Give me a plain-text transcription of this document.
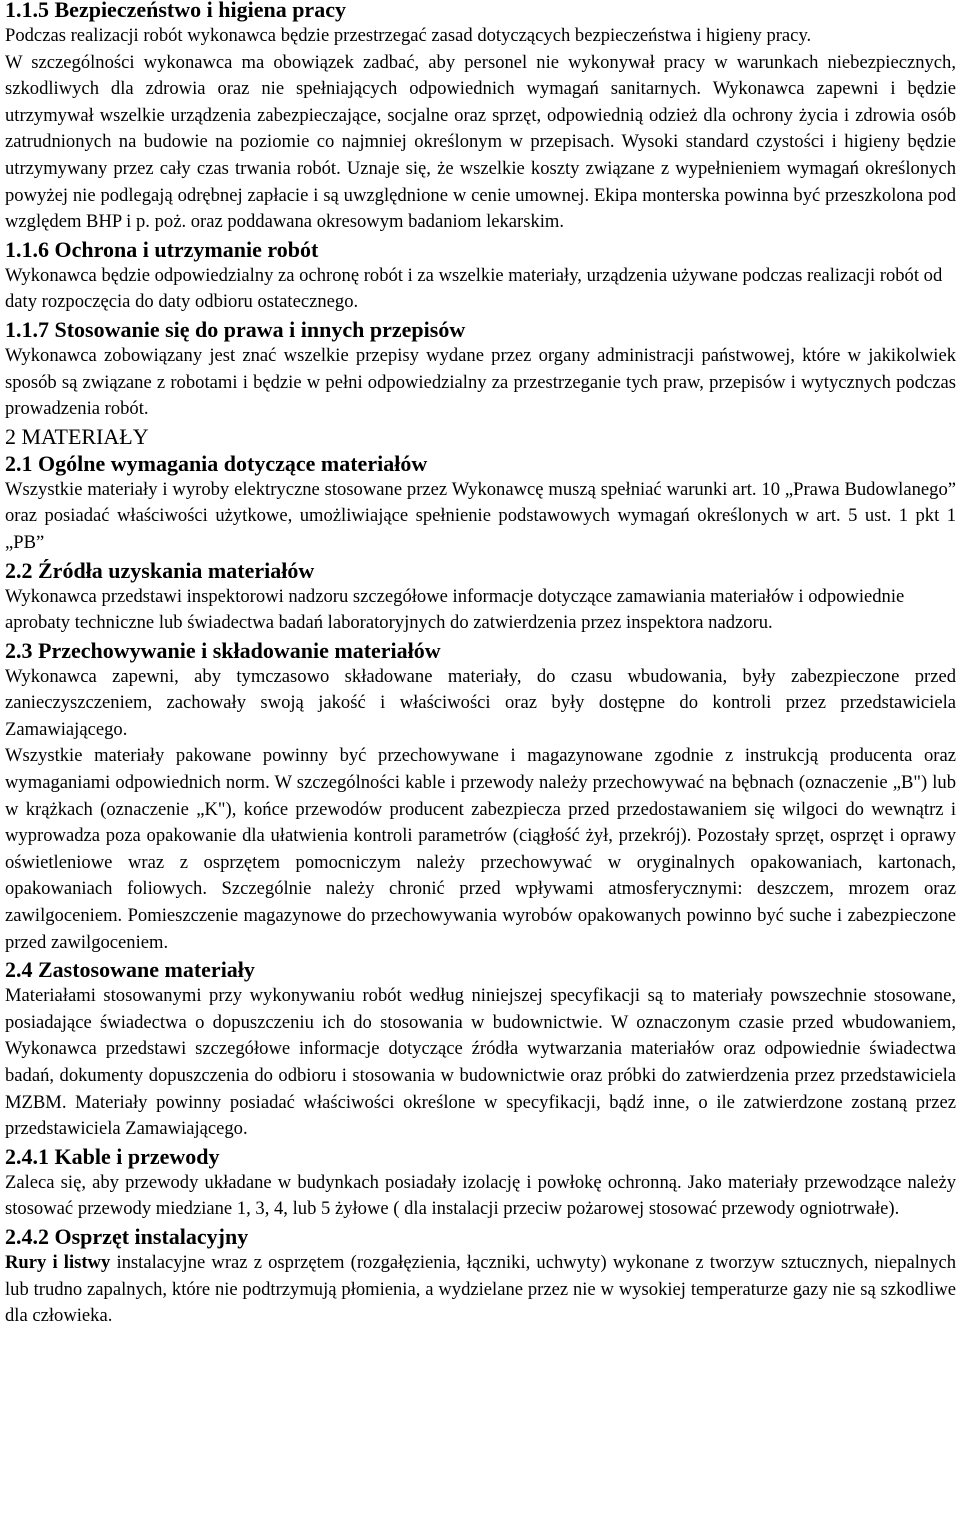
1.1.5 Bezpieczeństwo i higiena pracy
Podczas realizacji robót wykonawca będzie przestrzegać zasad dotyczących bezpieczeństwa i higieny pracy.
W szczególności wykonawca ma obowiązek zadbać, aby personel nie wykonywał pracy w warunkach niebezpiecznych, szkodliwych dla zdrowia oraz nie spełniających odpowiednich wymagań sanitarnych. Wykonawca zapewni i będzie utrzymywał wszelkie urządzenia zabezpieczające, socjalne oraz sprzęt, odpowiednią odzież dla ochrony życia i zdrowia osób zatrudnionych na budowie na poziomie co najmniej określonym w przepisach. Wysoki standard czystości i higieny będzie utrzymywany przez cały czas trwania robót. Uznaje się, że wszelkie koszty związane z wypełnieniem wymagań określonych powyżej nie podlegają odrębnej zapłacie i są uwzględnione w cenie umownej. Ekipa monterska powinna być przeszkolona pod względem BHP i p. poż. oraz poddawana okresowym badaniom lekarskim.
1.1.6 Ochrona i utrzymanie robót
Wykonawca będzie odpowiedzialny za ochronę robót i za wszelkie materiały, urządzenia używane podczas realizacji robót od daty rozpoczęcia do daty odbioru ostatecznego.
1.1.7 Stosowanie się do prawa i innych przepisów
Wykonawca zobowiązany jest znać wszelkie przepisy wydane przez organy administracji państwowej, które w jakikolwiek sposób są związane z robotami i będzie w pełni odpowiedzialny za przestrzeganie tych praw, przepisów i wytycznych podczas prowadzenia robót.
2 MATERIAŁY
2.1 Ogólne wymagania dotyczące materiałów
Wszystkie materiały i wyroby elektryczne stosowane przez Wykonawcę muszą spełniać warunki art. 10 „Prawa Budowlanego” oraz posiadać właściwości użytkowe, umożliwiające spełnienie podstawowych wymagań określonych w art. 5 ust. 1 pkt 1 „PB”
2.2 Źródła uzyskania materiałów
Wykonawca przedstawi inspektorowi nadzoru szczegółowe informacje dotyczące zamawiania materiałów i odpowiednie aprobaty techniczne lub świadectwa badań laboratoryjnych do zatwierdzenia przez inspektora nadzoru.
2.3 Przechowywanie i składowanie materiałów
Wykonawca zapewni, aby tymczasowo składowane materiały, do czasu wbudowania, były zabezpieczone przed zanieczyszczeniem, zachowały swoją jakość i właściwości oraz były dostępne do kontroli przez przedstawiciela Zamawiającego.
Wszystkie materiały pakowane powinny być przechowywane i magazynowane zgodnie z instrukcją producenta oraz wymaganiami odpowiednich norm. W szczególności kable i przewody należy przechowywać na bębnach (oznaczenie „B") lub w krążkach (oznaczenie „K"), końce przewodów producent zabezpiecza przed przedostawaniem się wilgoci do wewnątrz i wyprowadza poza opakowanie dla ułatwienia kontroli parametrów (ciągłość żył, przekrój). Pozostały sprzęt, osprzęt i oprawy oświetleniowe wraz z osprzętem pomocniczym należy przechowywać w oryginalnych opakowaniach, kartonach, opakowaniach foliowych. Szczególnie należy chronić przed wpływami atmosferycznymi: deszczem, mrozem oraz zawilgoceniem. Pomieszczenie magazynowe do przechowywania wyrobów opakowanych powinno być suche i zabezpieczone przed zawilgoceniem.
2.4 Zastosowane materiały
Materiałami stosowanymi przy wykonywaniu robót według niniejszej specyfikacji są to materiały powszechnie stosowane, posiadające świadectwa o dopuszczeniu ich do stosowania w budownictwie. W oznaczonym czasie przed wbudowaniem, Wykonawca przedstawi szczegółowe informacje dotyczące źródła wytwarzania materiałów oraz odpowiednie świadectwa badań, dokumenty dopuszczenia do odbioru i stosowania w budownictwie oraz próbki do zatwierdzenia przez przedstawiciela MZBM. Materiały powinny posiadać właściwości określone w specyfikacji, bądź inne, o ile zatwierdzone zostaną przez przedstawiciela Zamawiającego.
2.4.1 Kable i przewody
Zaleca się, aby przewody układane w budynkach posiadały izolację i powłokę ochronną. Jako materiały przewodzące należy stosować przewody miedziane 1, 3, 4, lub 5 żyłowe ( dla instalacji przeciw pożarowej stosować przewody ogniotrwałe).
2.4.2 Osprzęt instalacyjny
Rury i listwy instalacyjne wraz z osprzętem (rozgałęzienia, łączniki, uchwyty) wykonane z tworzyw sztucznych, niepalnych lub trudno zapalnych, które nie podtrzymują płomienia, a wydzielane przez nie w wysokiej temperaturze gazy nie są szkodliwe dla człowieka.
